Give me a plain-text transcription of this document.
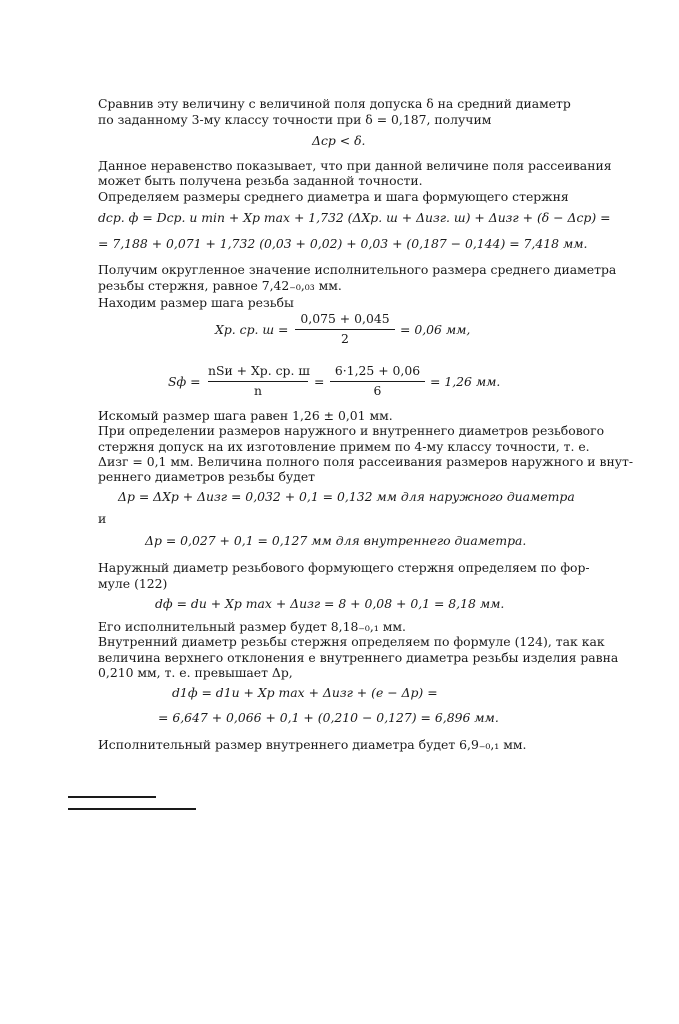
Сравнив эту величину с величиной поля допуска δ на средний диаметр
по заданному 3-му классу точности при δ = 0,187, получим
Δср < δ.
Данное неравенство показывает, что при данной величине поля рассеивания
может быть получена резьба заданной точности.
Определяем размеры среднего диаметра и шага формующего стержня
dср. ф = Dср. и min + Xp max + 1,732 (ΔXp. ш + Δизг. ш) + Δизг + (δ − Δср) =
= 7,188 + 0,071 + 1,732 (0,03 + 0,02) + 0,03 + (0,187 − 0,144) = 7,418 мм.
Получим округленное значение исполнительного размера среднего диаметра
резьбы стержня, равное 7,42₋₀,₀₃ мм.
Находим размер шага резьбы
Xp. ср. ш =
0,075 + 0,045
2
= 0,06 мм,
Sф =
nSи + Xp. ср. ш
n
=
6·1,25 + 0,06
6
= 1,26 мм.
Искомый размер шага равен 1,26 ± 0,01 мм.
При определении размеров наружного и внутреннего диаметров резьбового
стержня допуск на их изготовление примем по 4-му классу точности, т. е.
Δизг = 0,1 мм. Величина полного поля рассеивания размеров наружного и внут-
реннего диаметров резьбы будет
Δр = ΔXр + Δизг = 0,032 + 0,1 = 0,132 мм для наружного диаметра
и
Δр = 0,027 + 0,1 = 0,127 мм для внутреннего диаметра.
Наружный диаметр резьбового формующего стержня определяем по фор-
муле (122)
dф = dи + Xp max + Δизг = 8 + 0,08 + 0,1 = 8,18 мм.
Его исполнительный размер будет 8,18₋₀,₁ мм.
Внутренний диаметр резьбы стержня определяем по формуле (124), так как
величина верхнего отклонения e внутреннего диаметра резьбы изделия равна
0,210 мм, т. е. превышает Δр,
d1ф = d1и + Xp max + Δизг + (e − Δр) =
= 6,647 + 0,066 + 0,1 + (0,210 − 0,127) = 6,896 мм.
Исполнительный размер внутреннего диаметра будет 6,9₋₀,₁ мм.
